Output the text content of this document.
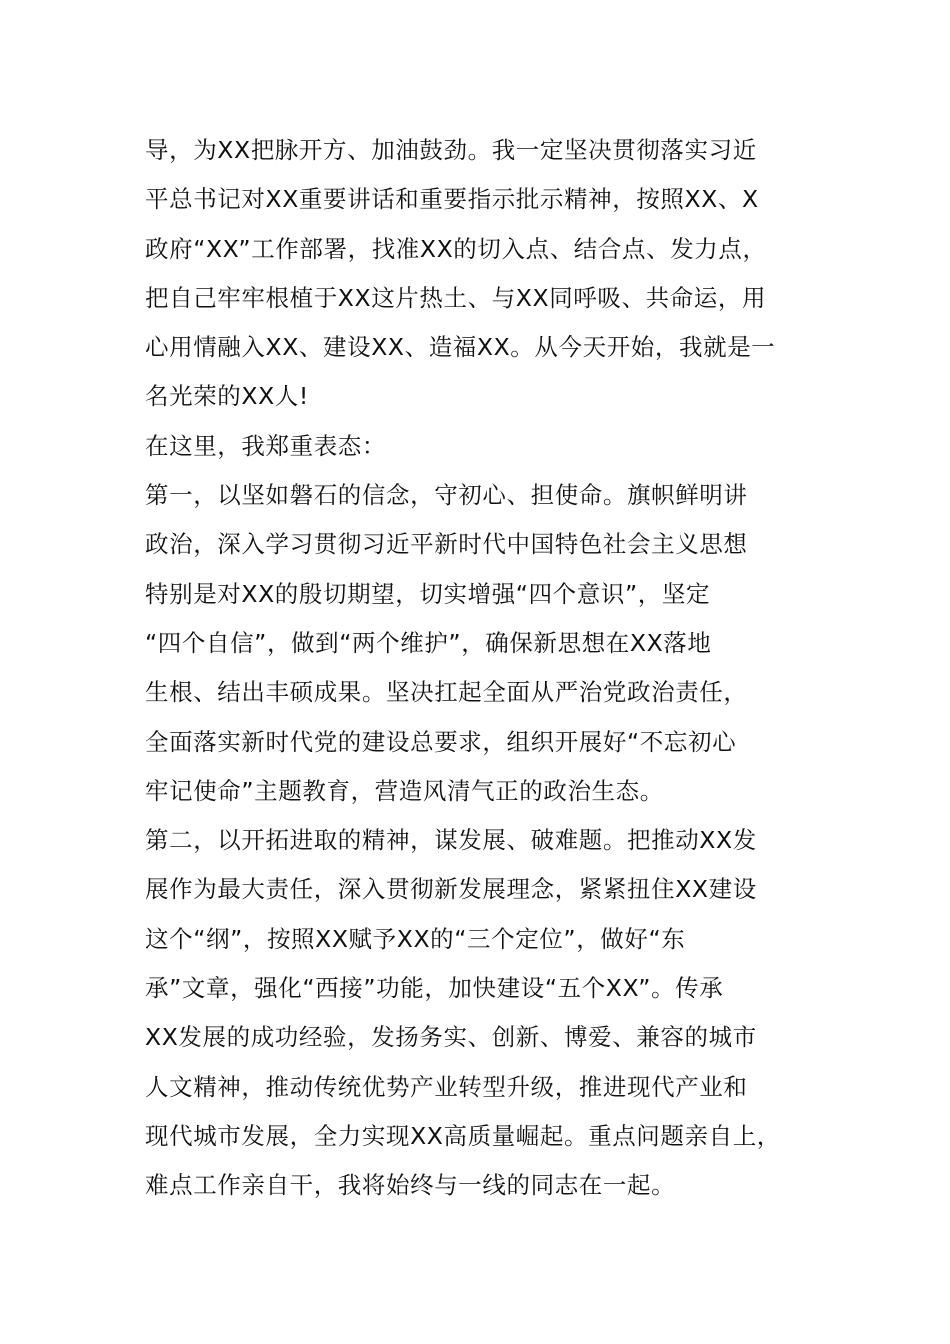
导，为XX把脉开方、加油鼓劲。我一定坚决贯彻落实习近
平总书记对XX重要讲话和重要指示批示精神，按照XX、X
政府“XX”工作部署，找准XX的切入点、结合点、发力点，
把自己牢牢根植于XX这片热土、与XX同呼吸、共命运，用
心用情融入XX、建设XX、造福XX。从今天开始，我就是一
名光荣的XX人!
在这里，我郑重表态：
第一，以坚如磐石的信念，守初心、担使命。旗帜鲜明讲
政治，深入学习贯彻习近平新时代中国特色社会主义思想
特别是对XX的殷切期望，切实增强“四个意识”，坚定
“四个自信”，做到“两个维护”，确保新思想在XX落地
生根、结出丰硕成果。坚决扛起全面从严治党政治责任，
全面落实新时代党的建设总要求，组织开展好“不忘初心
牢记使命”主题教育，营造风清气正的政治生态。
第二，以开拓进取的精神，谋发展、破难题。把推动XX发
展作为最大责任，深入贯彻新发展理念，紧紧扭住XX建设
这个“纲”，按照XX赋予XX的“三个定位”，做好“东
承”文章，强化“西接”功能，加快建设“五个XX”。传承
XX发展的成功经验，发扬务实、创新、博爱、兼容的城市
人文精神，推动传统优势产业转型升级，推进现代产业和
现代城市发展，全力实现XX高质量崛起。重点问题亲自上，
难点工作亲自干，我将始终与一线的同志在一起。
